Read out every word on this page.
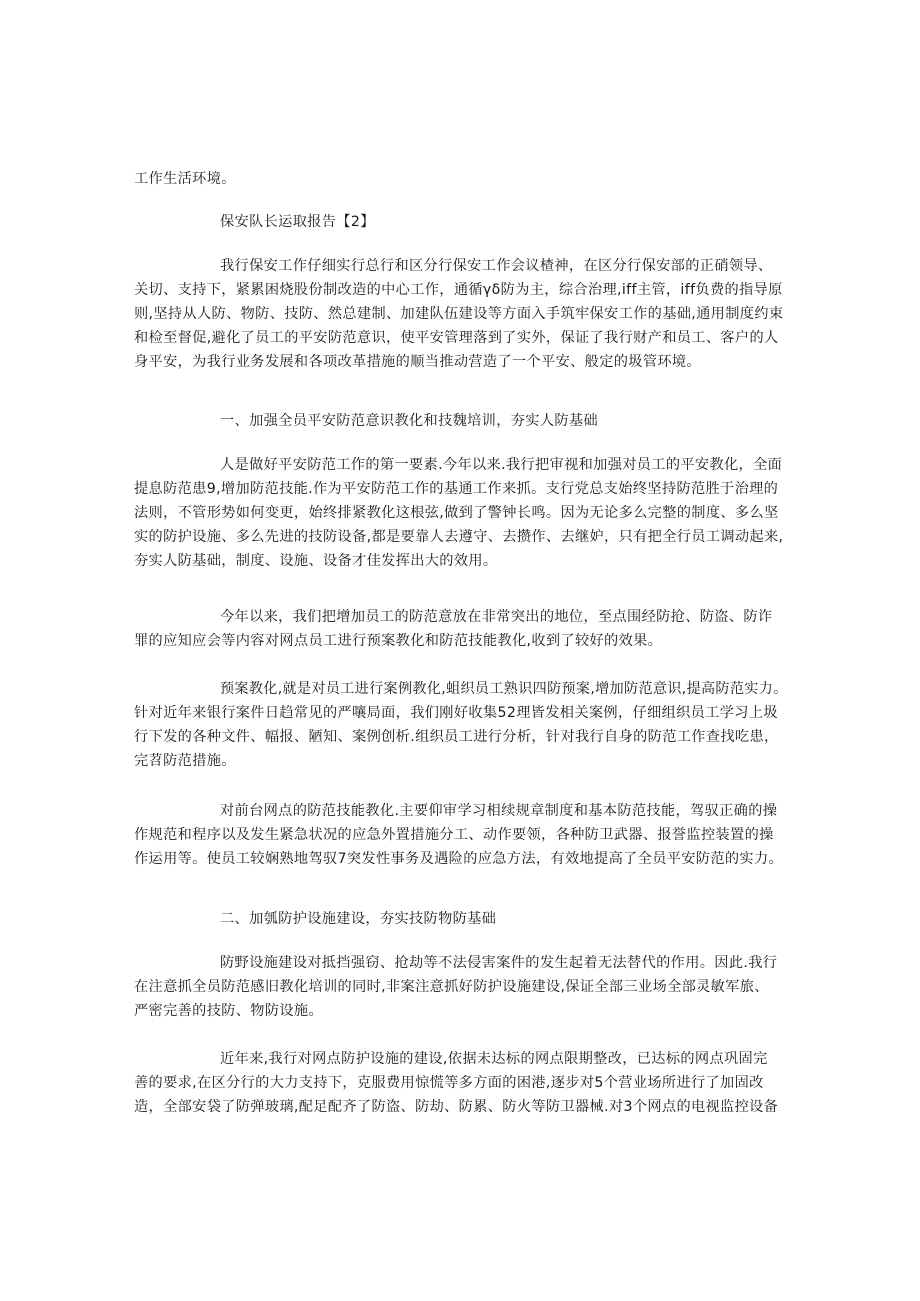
工作生活环境。
保安队长运取报告【2】
我行保安工作仔细实行总行和区分行保安工作会议楂神，在区分行保安部的正硝领导、
关切、支持下，紧累困烧股份制改造的中心工作，通循γδ防为主，综合治理,iff主管，iff负费的指导原
则,坚持从人防、物防、技防、然总建制、加建队伍建设等方面入手筑牢保安工作的基础,通用制度约束
和检至督促,避化了员工的平安防范意识，使平安管理落到了实外，保证了我行财产和员工、客户的人
身平安，为我行业务发展和各项改革措施的顺当推动营造了一个平安、般定的圾管环境。
一、加强全员平安防范意识教化和技魏培训，夯实人防基础
人是做好平安防范工作的第一要素.今年以来.我行把审视和加强对员工的平安教化，全面
提息防范患9,增加防范技能.作为平安防范工作的基通工作来抓。支行党总支始终坚持防范胜于治理的
法则，不管形势如何变更，始终排紧教化这根弦,做到了警钟长鸣。因为无论多么完整的制度、多么坚
实的防护设施、多么先进的技防设备,都是要靠人去遵守、去攒作、去继妒，只有把全行员工调动起来,
夯实人防基础，制度、设施、设备才佳发挥出大的效用。
今年以来，我们把增加员工的防范意放在非常突出的地位，至点围经防抢、防盗、防诈
罪的应知应会等内容对网点员工进行预案教化和防范技能教化,收到了较好的效果。
预案教化,就是对员工进行案例教化,蛆织员工熟识四防预案,增加防范意识,提高防范实力。
针对近年来银行案件日趋常见的严嚷局面，我们刚好收集52理皆发相关案例，仔细组织员工学习上圾
行下发的各种文件、幅报、陋知、案例创析.组织员工进行分析，针对我行自身的防范工作查找吃患，
完苕防范措施。
对前台网点的防范技能教化.主要仰审学习相续规章制度和基本防范技能，驾驭正确的操
作规范和程序以及发生紧急状况的应急外置措施分工、动作要领，各种防卫武器、报誉监控装置的操
作运用等。使员工较娴熟地驾驭7突发性事务及遇险的应急方法，有效地提高了全员平安防范的实力。
二、加瓠防护设施建设，夯实技防物防基础
防野设施建设对抵挡强窃、抢劫等不法侵害案件的发生起着无法替代的作用。因此.我行
在注意抓全员防范感旧教化培训的同时,非案注意抓好防护设施建设,保证全部三业场全部灵敏军旅、
严密完善的技防、物防设施。
近年来,我行对网点防护设施的建设,依据未达标的网点限期整改，已达标的网点巩固完
善的要求,在区分行的大力支持下，克服费用惊慌等多方面的困港,逐步对5个营业场所进行了加固改
造，全部安袋了防弹玻璃,配足配齐了防盗、防劫、防累、防火等防卫器械.对3个网点的电视监控设备
